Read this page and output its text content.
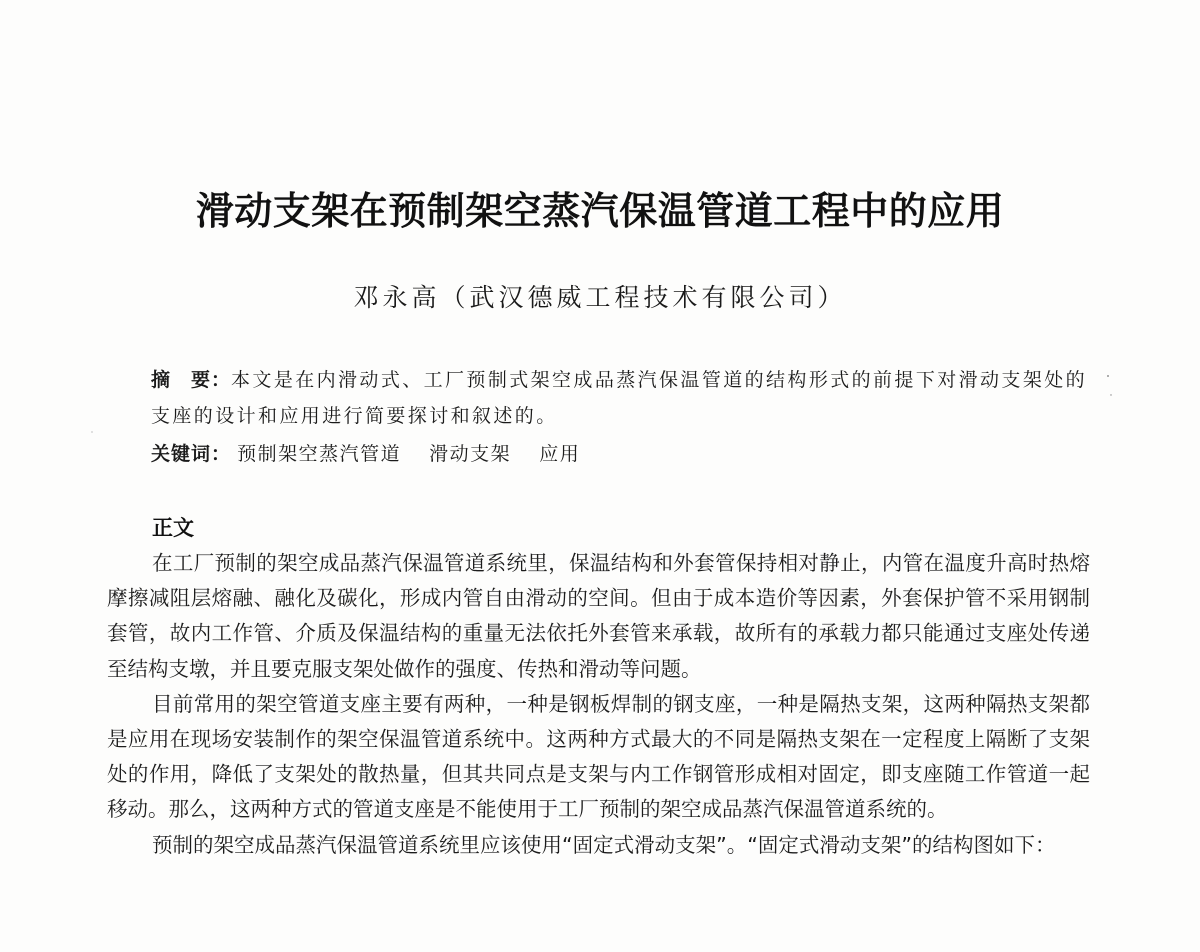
滑动支架在预制架空蒸汽保温管道工程中的应用
邓永高（武汉德威工程技术有限公司）
摘　要：本文是在内滑动式、工厂预制式架空成品蒸汽保温管道的结构形式的前提下对滑动支架处的支座的设计和应用进行简要探讨和叙述的。
关键词： 预制架空蒸汽管道 滑动支架 应用
正文

在工厂预制的架空成品蒸汽保温管道系统里，保温结构和外套管保持相对静止，内管在温度升高时热熔摩擦减阻层熔融、融化及碳化，形成内管自由滑动的空间。但由于成本造价等因素，外套保护管不采用钢制套管，故内工作管、介质及保温结构的重量无法依托外套管来承载，故所有的承载力都只能通过支座处传递至结构支墩，并且要克服支架处做作的强度、传热和滑动等问题。

目前常用的架空管道支座主要有两种，一种是钢板焊制的钢支座，一种是隔热支架，这两种隔热支架都是应用在现场安装制作的架空保温管道系统中。这两种方式最大的不同是隔热支架在一定程度上隔断了支架处的作用，降低了支架处的散热量，但其共同点是支架与内工作钢管形成相对固定，即支座随工作管道一起移动。那么，这两种方式的管道支座是不能使用于工厂预制的架空成品蒸汽保温管道系统的。

预制的架空成品蒸汽保温管道系统里应该使用“固定式滑动支架”。“固定式滑动支架”的结构图如下：
